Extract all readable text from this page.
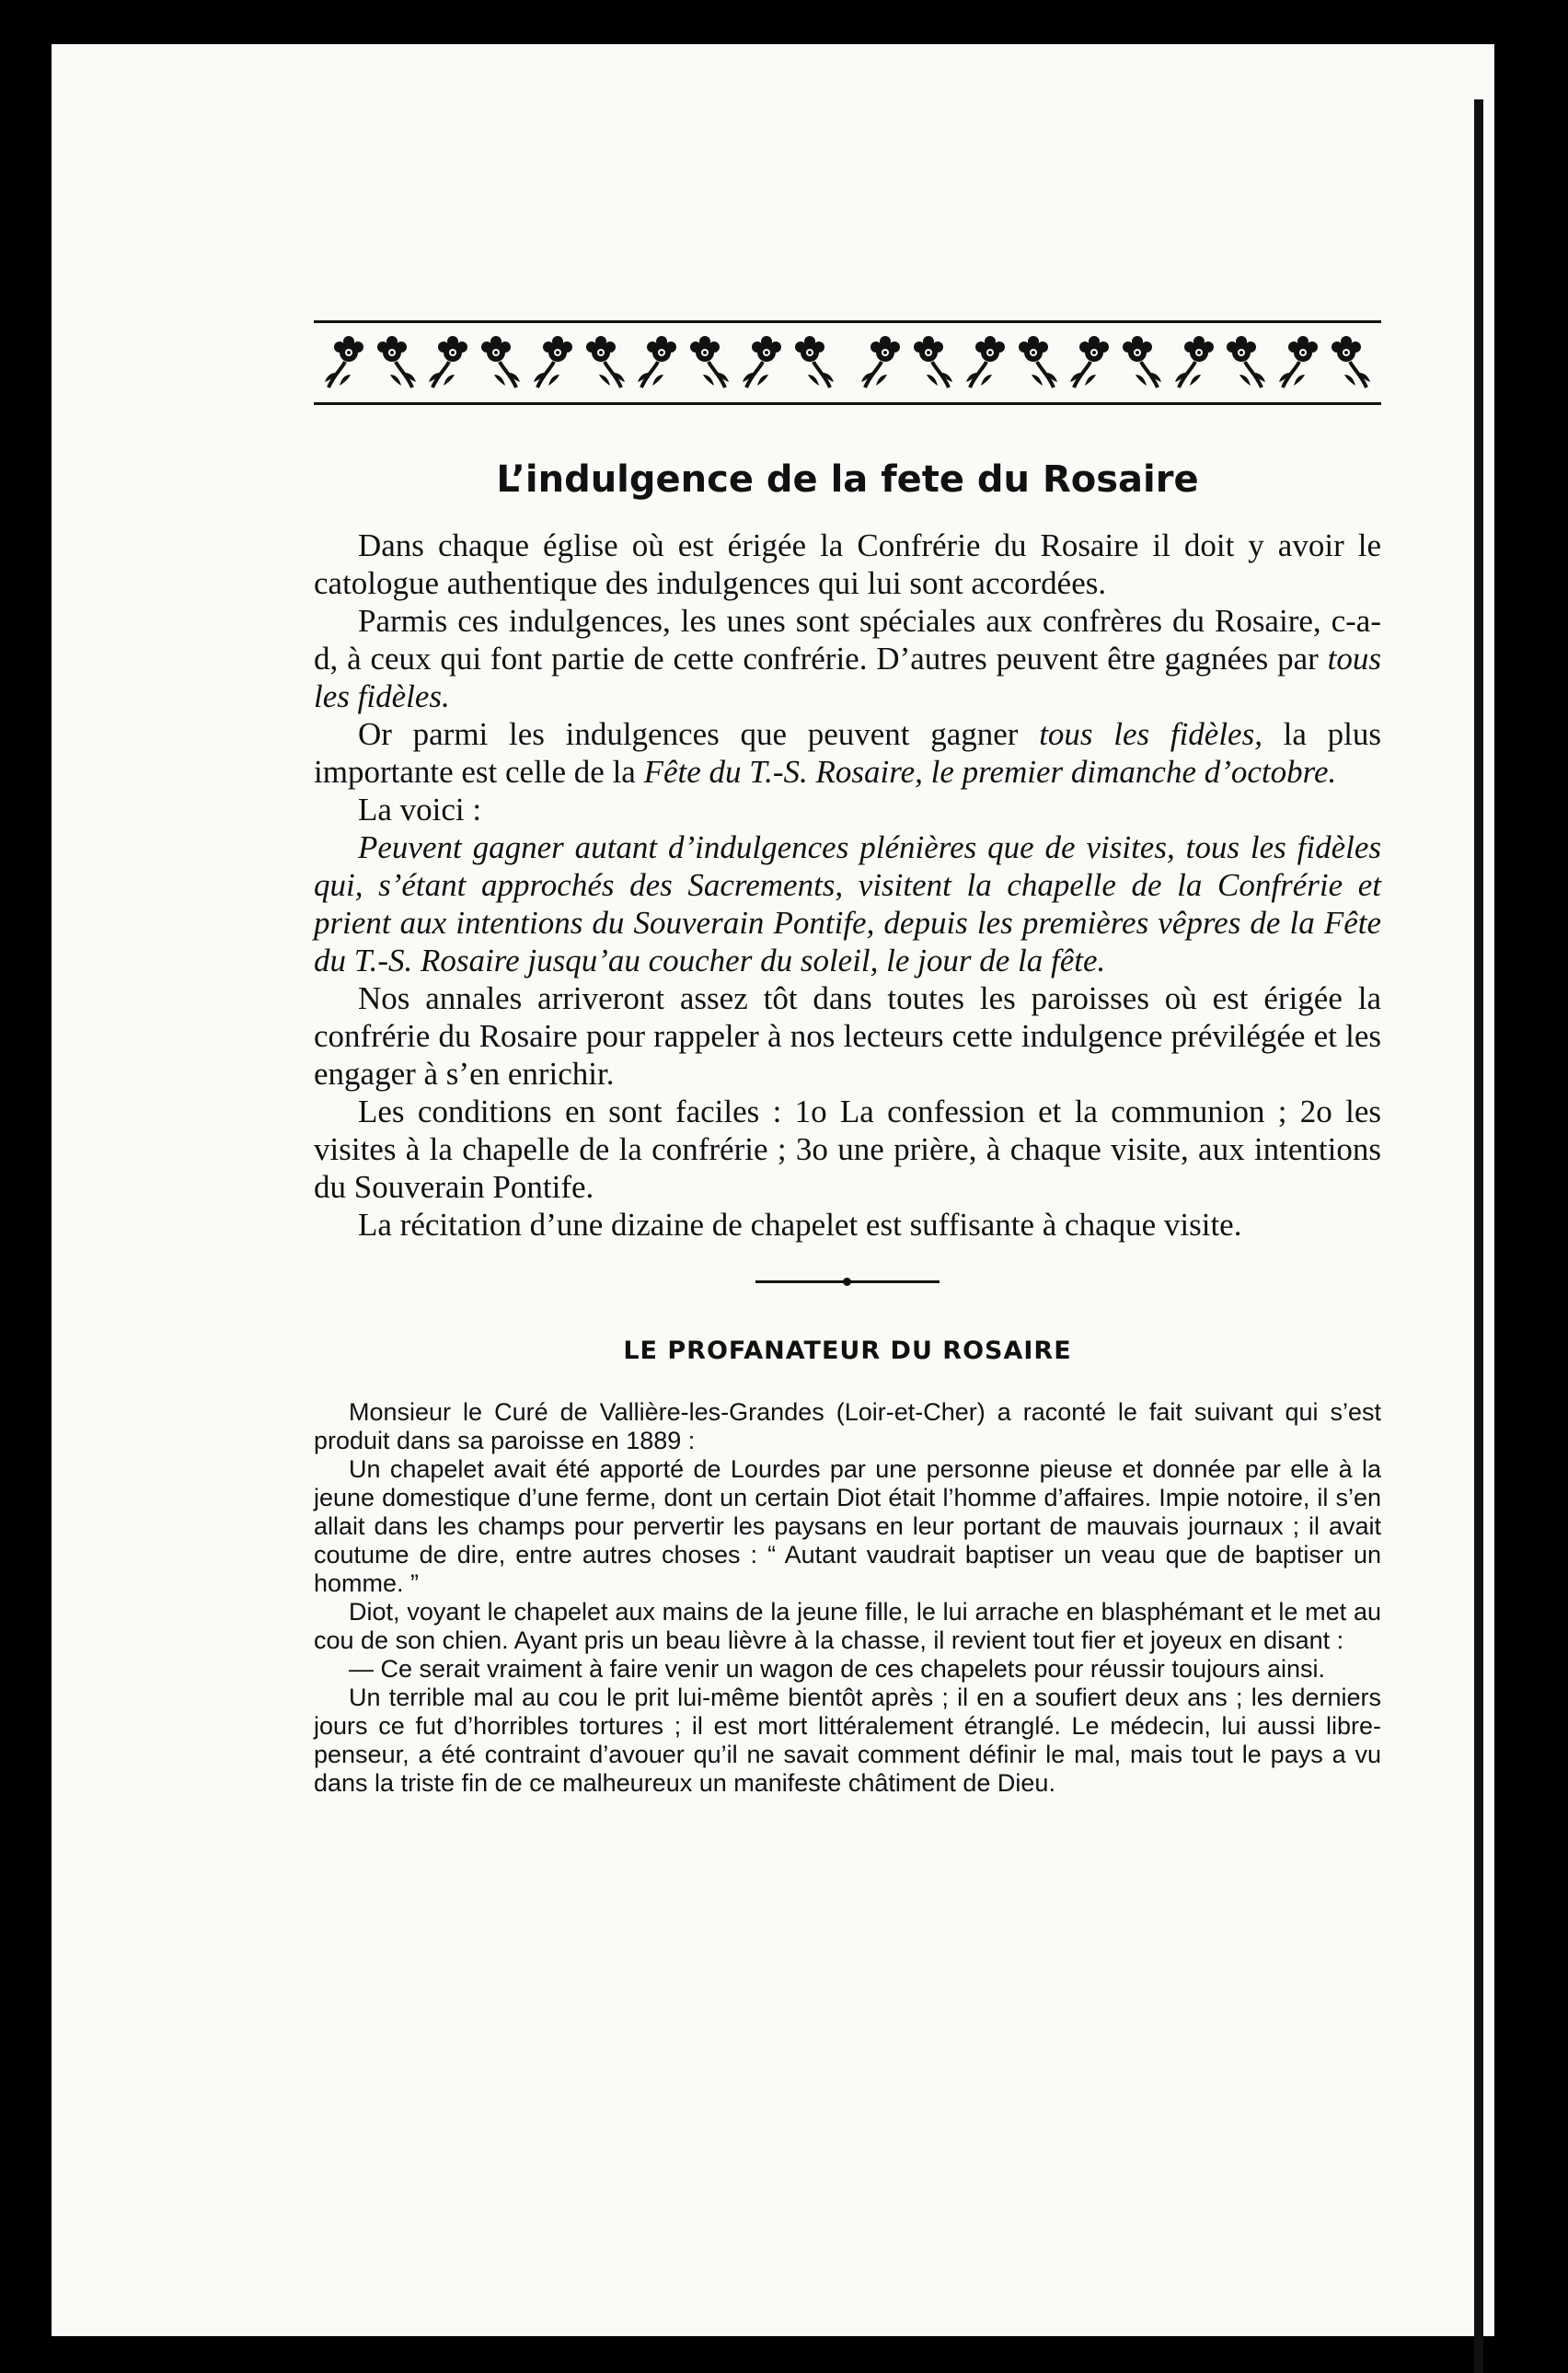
L’indulgence de la fete du Rosaire

Dans chaque église où est érigée la Confrérie du Rosaire il doit y avoir le catologue authentique des indulgences qui lui sont accordées.

Parmis ces indulgences, les unes sont spéciales aux confrères du Rosaire, c-a-d, à ceux qui font partie de cette confrérie. D’autres peuvent être gagnées par tous les fidèles.

Or parmi les indulgences que peuvent gagner tous les fidèles, la plus importante est celle de la Fête du T.-S. Rosaire, le premier dimanche d’octobre.

La voici :

Peuvent gagner autant d’indulgences plénières que de visites, tous les fidèles qui, s’étant approchés des Sacrements, visitent la chapelle de la Confrérie et prient aux intentions du Souverain Pontife, depuis les premières vêpres de la Fête du T.-S. Rosaire jusqu’au coucher du soleil, le jour de la fête.

Nos annales arriveront assez tôt dans toutes les paroisses où est érigée la confrérie du Rosaire pour rappeler à nos lecteurs cette indulgence prévilégée et les engager à s’en enrichir.

Les conditions en sont faciles : 1o La confession et la communion ; 2o les visites à la chapelle de la confrérie ; 3o une prière, à chaque visite, aux intentions du Souverain Pontife.

La récitation d’une dizaine de chapelet est suffisante à chaque visite.

LE PROFANATEUR DU ROSAIRE

Monsieur le Curé de Vallière-les-Grandes (Loir-et-Cher) a raconté le fait suivant qui s’est produit dans sa paroisse en 1889 :

Un chapelet avait été apporté de Lourdes par une personne pieuse et donnée par elle à la jeune domestique d’une ferme, dont un certain Diot était l’homme d’affaires. Impie notoire, il s’en allait dans les champs pour pervertir les paysans en leur portant de mauvais journaux ; il avait coutume de dire, entre autres choses : “ Autant vaudrait baptiser un veau que de baptiser un homme. ”

Diot, voyant le chapelet aux mains de la jeune fille, le lui arrache en blasphémant et le met au cou de son chien. Ayant pris un beau lièvre à la chasse, il revient tout fier et joyeux en disant :

— Ce serait vraiment à faire venir un wagon de ces chapelets pour réussir toujours ainsi.

Un terrible mal au cou le prit lui-même bientôt après ; il en a soufiert deux ans ; les derniers jours ce fut d’horribles tortures ; il est mort littéralement étranglé. Le médecin, lui aussi libre-penseur, a été contraint d’avouer qu’il ne savait comment définir le mal, mais tout le pays a vu dans la triste fin de ce malheureux un manifeste châtiment de Dieu.
